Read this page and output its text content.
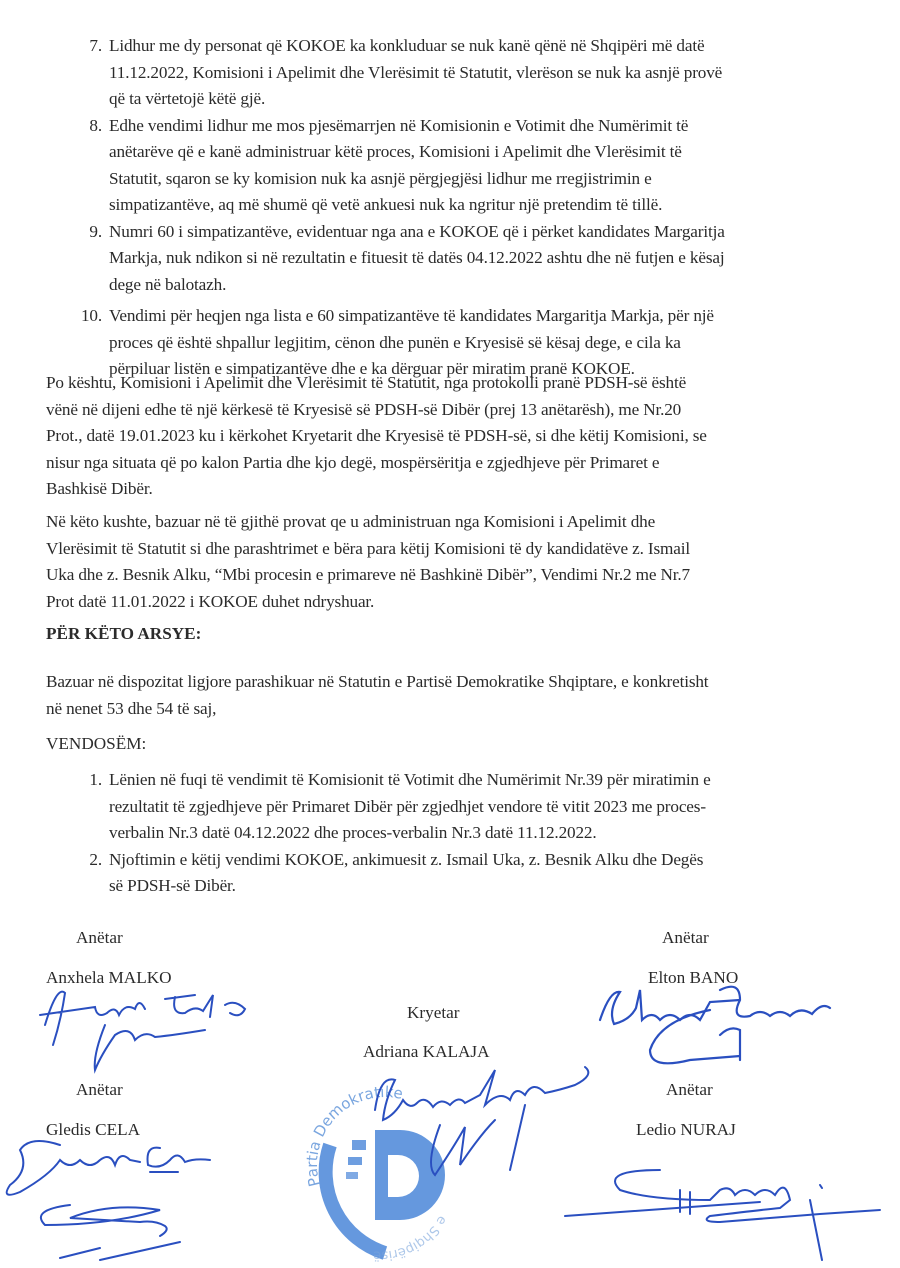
7. Lidhur me dy personat që KOKOE ka konkluduar se nuk kanë qënë në Shqipëri më datë
11.12.2022, Komisioni i Apelimit dhe Vlerësimit të Statutit, vlerëson se nuk ka asnjë provë
që ta vërtetojë këtë gjë.
8. Edhe vendimi lidhur me mos pjesëmarrjen në Komisionin e Votimit dhe Numërimit të
anëtarëve që e kanë administruar këtë proces, Komisioni i Apelimit dhe Vlerësimit të
Statutit, sqaron se ky komision nuk ka asnjë përgjegjësi lidhur me rregjistrimin e
simpatizantëve, aq më shumë që vetë ankuesi nuk ka ngritur një pretendim të tillë.
9. Numri 60 i simpatizantëve, evidentuar nga ana e KOKOE që i përket kandidates Margaritja
Markja, nuk ndikon si në rezultatin e fituesit të datës 04.12.2022 ashtu dhe në futjen e kësaj
dege në balotazh.
10. Vendimi për heqjen nga lista e 60 simpatizantëve të kandidates Margaritja Markja, për një
proces që është shpallur legjitim, cënon dhe punën e Kryesisë së kësaj dege, e cila ka
përpiluar listën e simpatizantëve dhe e ka dërguar për miratim pranë KOKOE.
Po kështu, Komisioni i Apelimit dhe Vlerësimit të Statutit, nga protokolli pranë PDSH-së është
vënë në dijeni edhe të një kërkesë të Kryesisë së PDSH-së Dibër (prej 13 anëtarësh), me Nr.20
Prot., datë 19.01.2023 ku i kërkohet Kryetarit dhe Kryesisë të PDSH-së, si dhe këtij Komisioni, se
nisur nga situata që po kalon Partia dhe kjo degë, mospërsëritja e zgjedhjeve për Primaret e
Bashkisë Dibër.
Në këto kushte, bazuar në të gjithë provat qe u administruan nga Komisioni i Apelimit dhe
Vlerësimit të Statutit si dhe parashtrimet e bëra para këtij Komisioni të dy kandidatëve z. Ismail
Uka dhe z. Besnik Alku, “Mbi procesin e primareve në Bashkinë Dibër”, Vendimi Nr.2 me Nr.7
Prot datë 11.01.2022 i KOKOE duhet ndryshuar.
PËR KËTO ARSYE:
Bazuar në dispozitat ligjore parashikuar në Statutin e Partisë Demokratike Shqiptare, e konkretisht
në nenet 53 dhe 54 të saj,
VENDOSËM:
1. Lënien në fuqi të vendimit të Komisionit të Votimit dhe Numërimit Nr.39 për miratimin e
rezultatit të zgjedhjeve për Primaret Dibër për zgjedhjet vendore të vitit 2023 me proces-
verbalin Nr.3 datë 04.12.2022 dhe proces-verbalin Nr.3 datë 11.12.2022.
2. Njoftimin e këtij vendimi KOKOE, ankimuesit z. Ismail Uka, z. Besnik Alku dhe Degës
së PDSH-së Dibër.
Anëtar
Anxhela MALKO
Anëtar
Elton BANO
Kryetar
Adriana KALAJA
Anëtar
Gledis CELA
Anëtar
Ledio NURAJ
Partia Demokratike
e Shqipërisë
